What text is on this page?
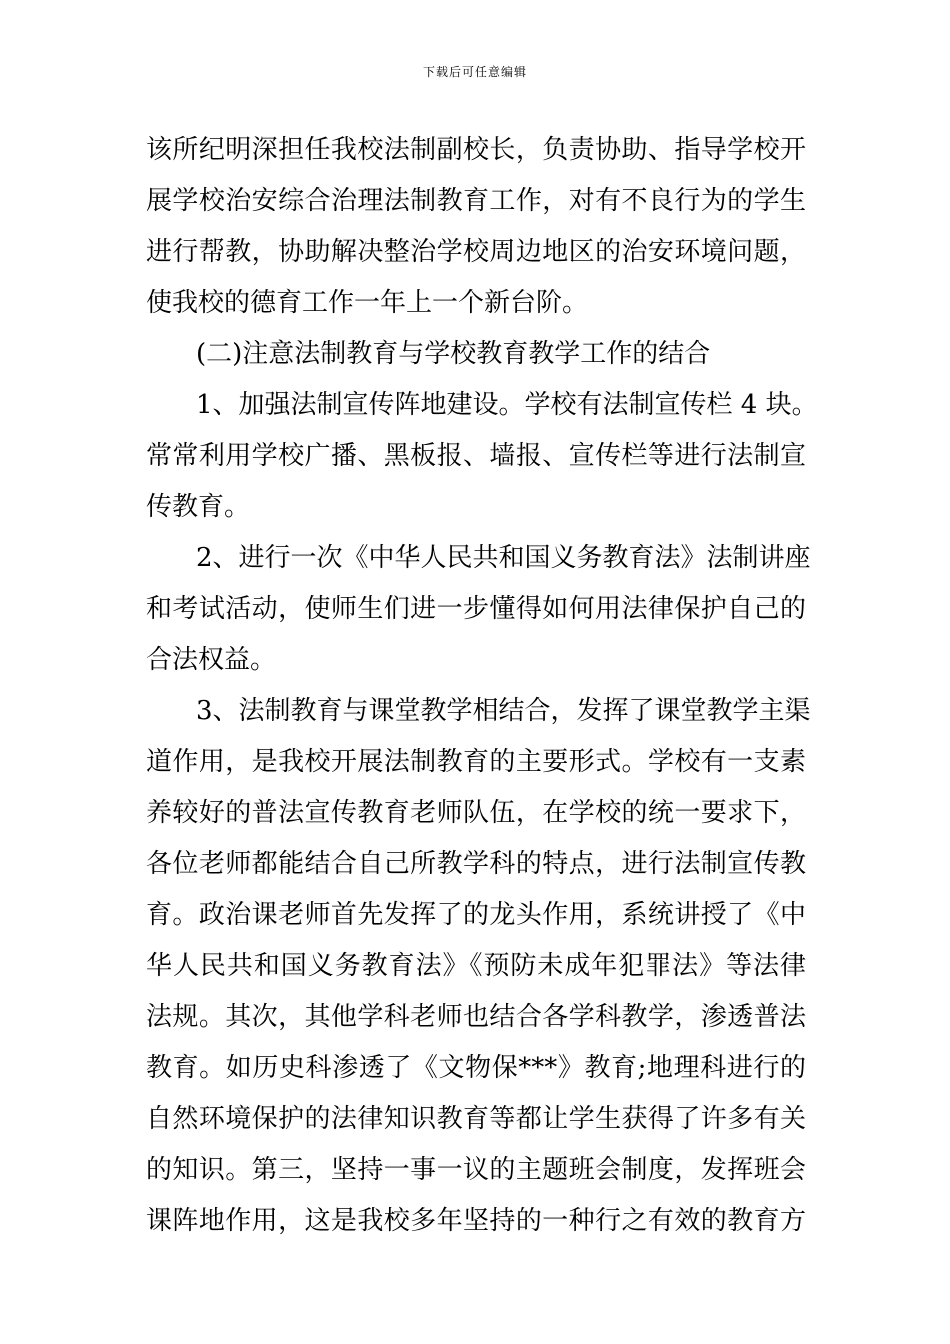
下载后可任意编辑
该所纪明深担任我校法制副校长，负责协助、指导学校开
展学校治安综合治理法制教育工作，对有不良行为的学生
进行帮教，协助解决整治学校周边地区的治安环境问题，
使我校的德育工作一年上一个新台阶。
(二)注意法制教育与学校教育教学工作的结合
1、加强法制宣传阵地建设。学校有法制宣传栏 4 块。
常常利用学校广播、黑板报、墙报、宣传栏等进行法制宣
传教育。
2、进行一次《中华人民共和国义务教育法》法制讲座
和考试活动，使师生们进一步懂得如何用法律保护自己的
合法权益。
3、法制教育与课堂教学相结合，发挥了课堂教学主渠
道作用，是我校开展法制教育的主要形式。学校有一支素
养较好的普法宣传教育老师队伍，在学校的统一要求下，
各位老师都能结合自己所教学科的特点，进行法制宣传教
育。政治课老师首先发挥了的龙头作用，系统讲授了《中
华人民共和国义务教育法》《预防未成年犯罪法》等法律
法规。其次，其他学科老师也结合各学科教学，渗透普法
教育。如历史科渗透了《文物保***》教育;地理科进行的
自然环境保护的法律知识教育等都让学生获得了许多有关
的知识。第三，坚持一事一议的主题班会制度，发挥班会
课阵地作用，这是我校多年坚持的一种行之有效的教育方
